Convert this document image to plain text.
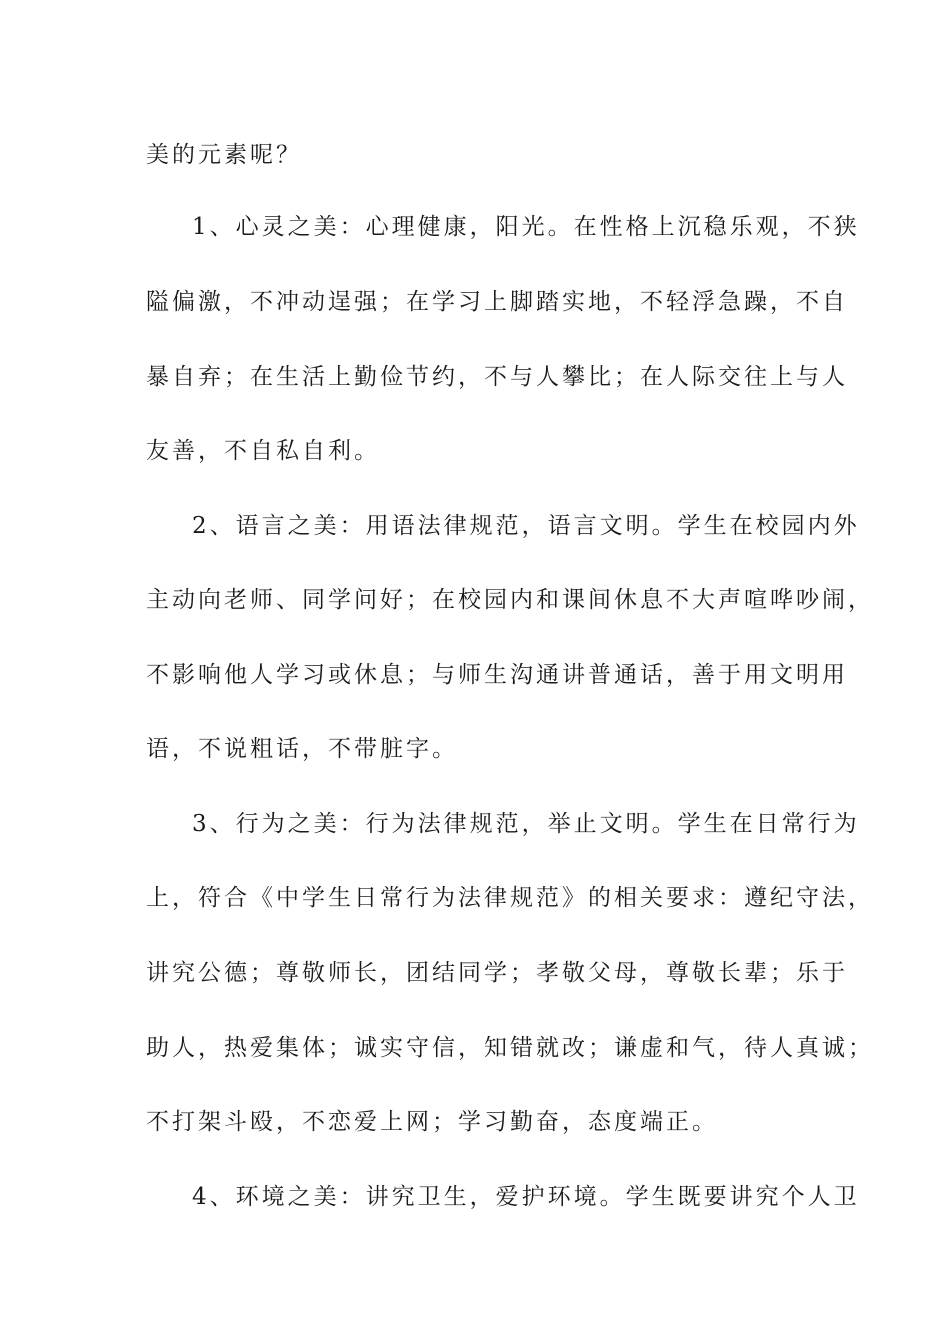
美的元素呢？
1、心灵之美：心理健康，阳光。在性格上沉稳乐观，不狭
隘偏激，不冲动逞强；在学习上脚踏实地，不轻浮急躁，不自
暴自弃；在生活上勤俭节约，不与人攀比；在人际交往上与人
友善，不自私自利。
2、语言之美：用语法律规范，语言文明。学生在校园内外
主动向老师、同学问好；在校园内和课间休息不大声喧哗吵闹，
不影响他人学习或休息；与师生沟通讲普通话，善于用文明用
语，不说粗话，不带脏字。
3、行为之美：行为法律规范，举止文明。学生在日常行为
上，符合《中学生日常行为法律规范》的相关要求：遵纪守法，
讲究公德；尊敬师长，团结同学；孝敬父母，尊敬长辈；乐于
助人，热爱集体；诚实守信，知错就改；谦虚和气，待人真诚；
不打架斗殴，不恋爱上网；学习勤奋，态度端正。
4、环境之美：讲究卫生，爱护环境。学生既要讲究个人卫
